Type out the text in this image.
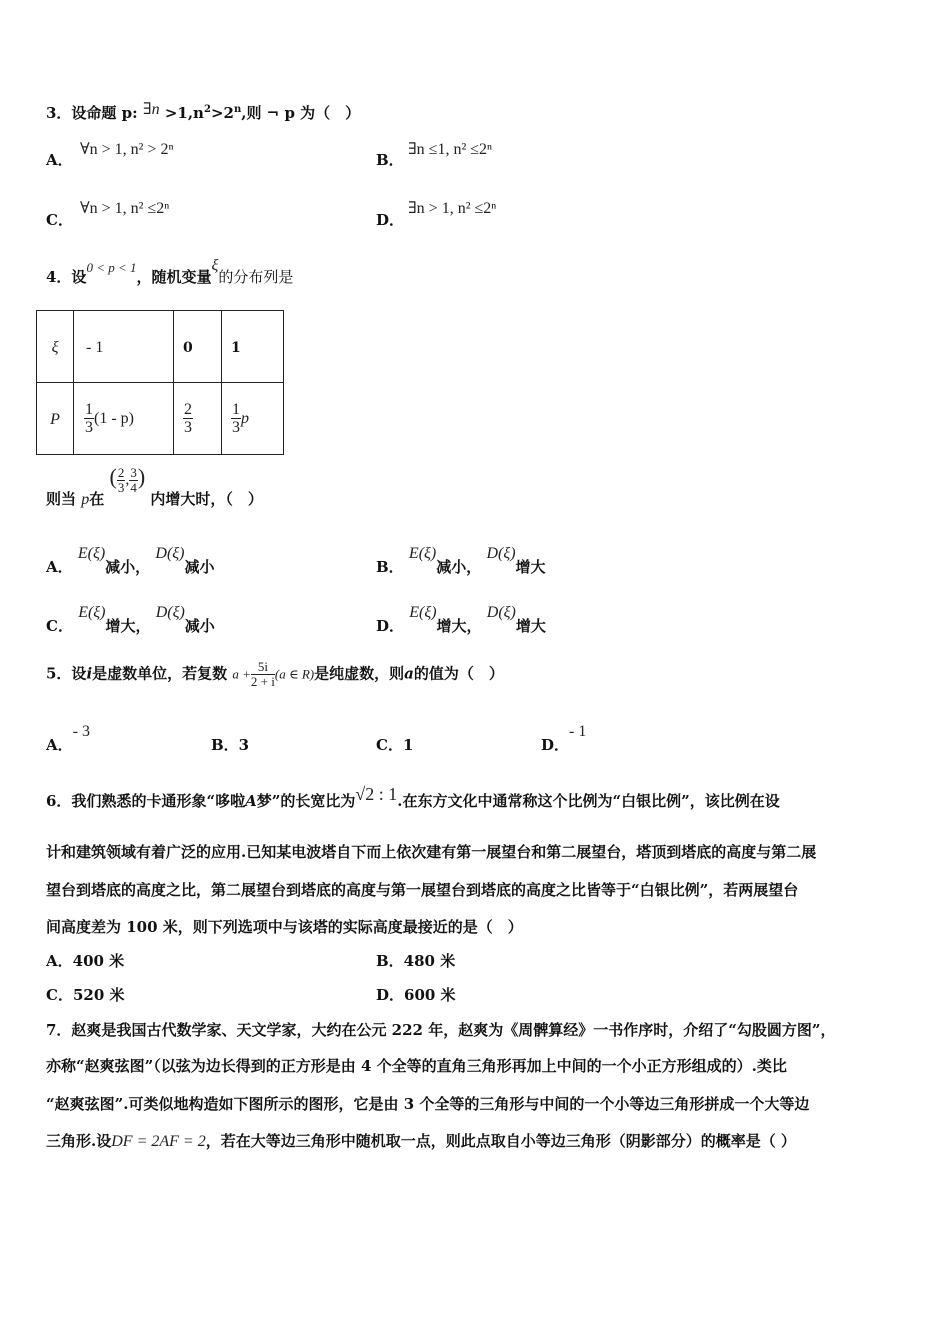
3．设命题 p: ∃n $>1,n^2>2^n$,则 ¬ p 为（　）
A．
∀n > 1, n² > 2ⁿ
B．
∃n ≤1, n² ≤2ⁿ
C．
∀n > 1, n² ≤2ⁿ
D．
∃n > 1, n² ≤2ⁿ
4．设0 < p < 1，随机变量ξ的分布列是
ξ	- 1	0	1
P	$\frac{1}{3} (1 - p)$	$\frac{2}{3}$	$\frac{1}{3}$ p
则当 p在 ( $\frac{2}{3}$ , $\frac{3}{4}$ ) 内增大时，（　）
A． E(ξ)减小， D(ξ)减小	B． E(ξ)减小， D(ξ)增大
C． E(ξ)增大， D(ξ)减小	D． E(ξ)增大， D(ξ)增大
5．设i是虚数单位，若复数 $a + \frac{5i}{2 + i} (a$ ∈ R)是纯虚数，则a的值为（　）
A．- 3
B．3	C．1	D．- 1
6．我们熟悉的卡通形象“哆啦A梦”的长宽比为√2 : 1.在东方文化中通常称这个比例为“白银比例”，该比例在设
计和建筑领域有着广泛的应用.已知某电波塔自下而上依次建有第一展望台和第二展望台，塔顶到塔底的高度与第二展
望台到塔底的高度之比，第二展望台到塔底的高度与第一展望台到塔底的高度之比皆等于“白银比例”，若两展望台
间高度差为 100 米，则下列选项中与该塔的实际高度最接近的是（　）
A．400 米	B．480 米
C．520 米	D．600 米
7．赵爽是我国古代数学家、天文学家，大约在公元 222 年，赵爽为《周髀算经》一书作序时，介绍了“勾股圆方图”，
亦称“赵爽弦图”（以弦为边长得到的正方形是由 4 个全等的直角三角形再加上中间的一个小正方形组成的）.类比
“赵爽弦图”.可类似地构造如下图所示的图形，它是由 3 个全等的三角形与中间的一个小等边三角形拼成一个大等边
三角形.设DF = 2AF = 2，若在大等边三角形中随机取一点，则此点取自小等边三角形（阴影部分）的概率是（ ）
